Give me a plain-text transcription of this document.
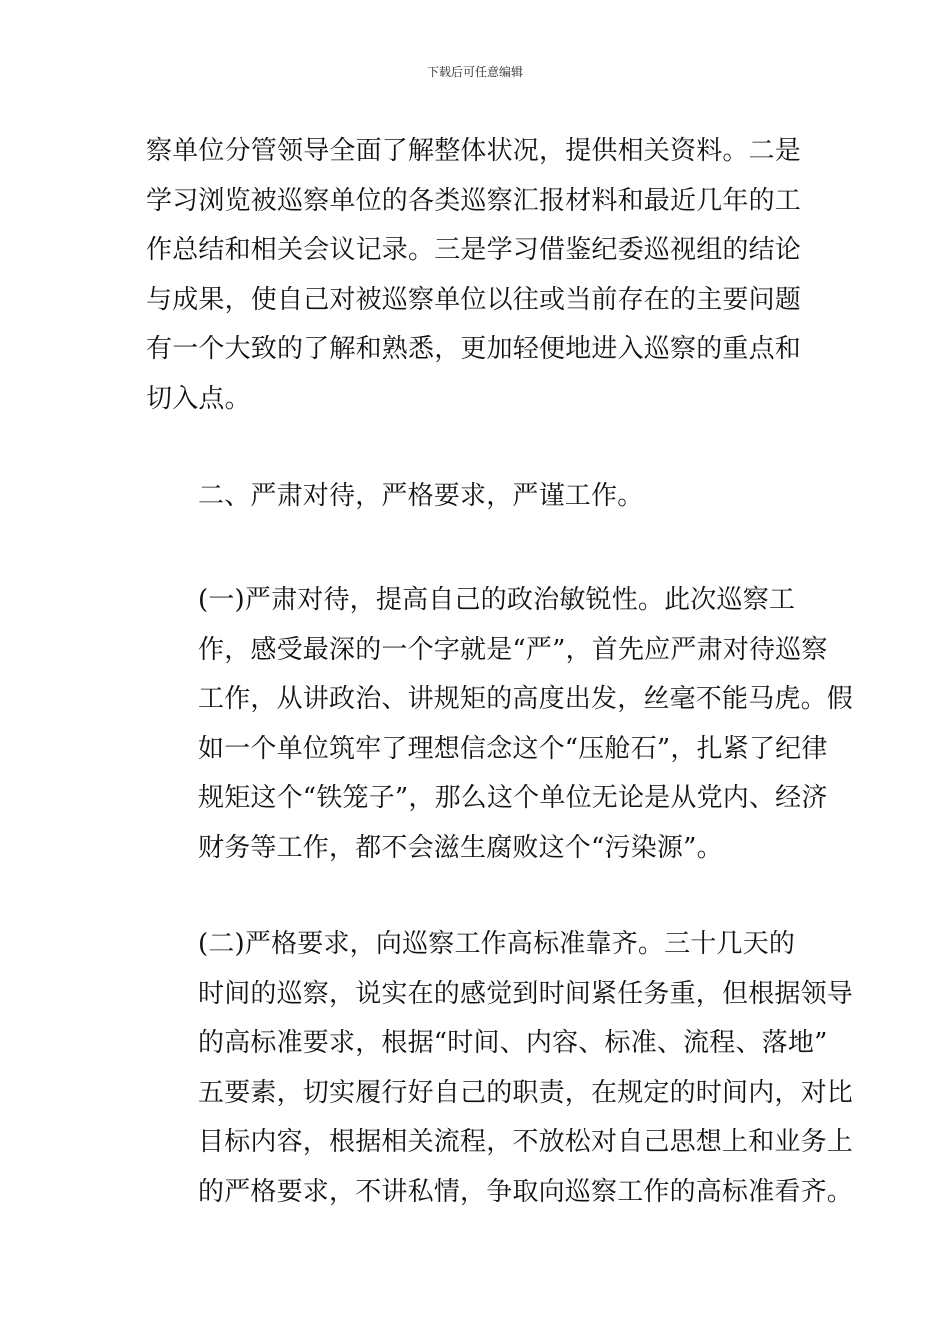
下载后可任意编辑
察单位分管领导全面了解整体状况，提供相关资料。二是
学习浏览被巡察单位的各类巡察汇报材料和最近几年的工
作总结和相关会议记录。三是学习借鉴纪委巡视组的结论
与成果，使自己对被巡察单位以往或当前存在的主要问题
有一个大致的了解和熟悉，更加轻便地进入巡察的重点和
切入点。
二、严肃对待，严格要求，严谨工作。
(一)严肃对待，提高自己的政治敏锐性。此次巡察工
作，感受最深的一个字就是“严”，首先应严肃对待巡察
工作，从讲政治、讲规矩的高度出发，丝毫不能马虎。假
如一个单位筑牢了理想信念这个“压舱石”，扎紧了纪律
规矩这个“铁笼子”，那么这个单位无论是从党内、经济
财务等工作，都不会滋生腐败这个“污染源”。
(二)严格要求，向巡察工作高标准靠齐。三十几天的
时间的巡察，说实在的感觉到时间紧任务重，但根据领导
的高标准要求，根据“时间、内容、标准、流程、落地”
五要素，切实履行好自己的职责，在规定的时间内，对比
目标内容，根据相关流程，不放松对自己思想上和业务上
的严格要求，不讲私情，争取向巡察工作的高标准看齐。
